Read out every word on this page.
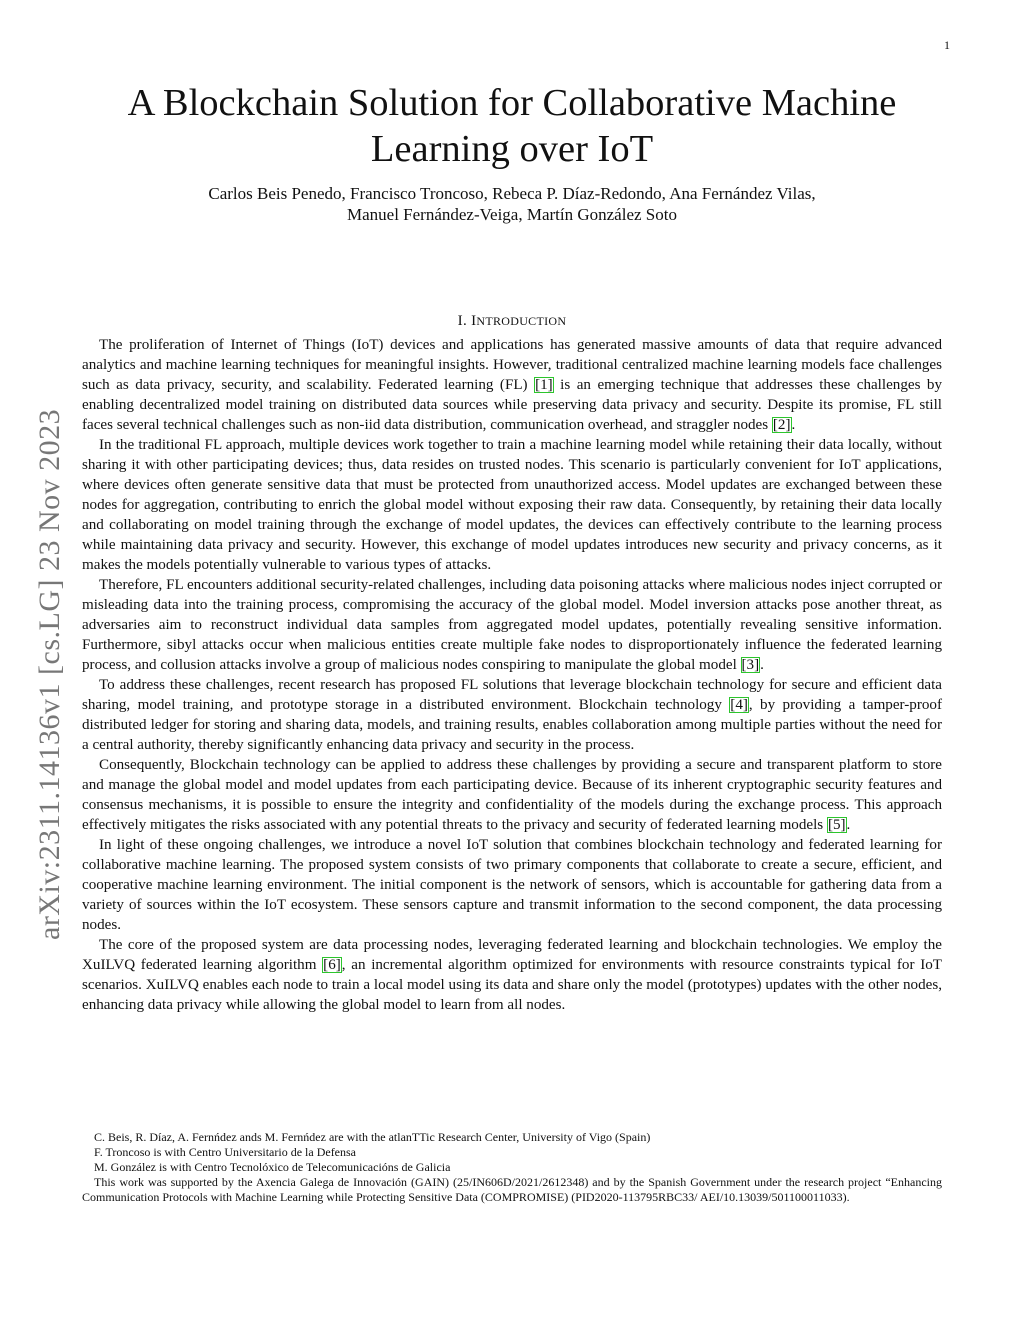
1
arXiv:2311.14136v1 [cs.LG] 23 Nov 2023
A Blockchain Solution for Collaborative Machine Learning over IoT
Carlos Beis Penedo, Francisco Troncoso, Rebeca P. Díaz-Redondo, Ana Fernández Vilas,
Manuel Fernández-Veiga, Martín González Soto
I. INTRODUCTION

The proliferation of Internet of Things (IoT) devices and applications has generated massive amounts of data that require advanced analytics and machine learning techniques for meaningful insights. However, traditional centralized machine learning models face challenges such as data privacy, security, and scalability. Federated learning (FL) [1] is an emerging technique that addresses these challenges by enabling decentralized model training on distributed data sources while preserving data privacy and security. Despite its promise, FL still faces several technical challenges such as non-iid data distribution, communication overhead, and straggler nodes [2].

In the traditional FL approach, multiple devices work together to train a machine learning model while retaining their data locally, without sharing it with other participating devices; thus, data resides on trusted nodes. This scenario is particularly convenient for IoT applications, where devices often generate sensitive data that must be protected from unauthorized access. Model updates are exchanged between these nodes for aggregation, contributing to enrich the global model without exposing their raw data. Consequently, by retaining their data locally and collaborating on model training through the exchange of model updates, the devices can effectively contribute to the learning process while maintaining data privacy and security. However, this exchange of model updates introduces new security and privacy concerns, as it makes the models potentially vulnerable to various types of attacks.

Therefore, FL encounters additional security-related challenges, including data poisoning attacks where malicious nodes inject corrupted or misleading data into the training process, compromising the accuracy of the global model. Model inversion attacks pose another threat, as adversaries aim to reconstruct individual data samples from aggregated model updates, potentially revealing sensitive information. Furthermore, sibyl attacks occur when malicious entities create multiple fake nodes to disproportionately influence the federated learning process, and collusion attacks involve a group of malicious nodes conspiring to manipulate the global model [3].

To address these challenges, recent research has proposed FL solutions that leverage blockchain technology for secure and efficient data sharing, model training, and prototype storage in a distributed environment. Blockchain technology [4], by providing a tamper-proof distributed ledger for storing and sharing data, models, and training results, enables collaboration among multiple parties without the need for a central authority, thereby significantly enhancing data privacy and security in the process.

Consequently, Blockchain technology can be applied to address these challenges by providing a secure and transparent platform to store and manage the global model and model updates from each participating device. Because of its inherent cryptographic security features and consensus mechanisms, it is possible to ensure the integrity and confidentiality of the models during the exchange process. This approach effectively mitigates the risks associated with any potential threats to the privacy and security of federated learning models [5].

In light of these ongoing challenges, we introduce a novel IoT solution that combines blockchain technology and federated learning for collaborative machine learning. The proposed system consists of two primary components that collaborate to create a secure, efficient, and cooperative machine learning environment. The initial component is the network of sensors, which is accountable for gathering data from a variety of sources within the IoT ecosystem. These sensors capture and transmit information to the second component, the data processing nodes.

The core of the proposed system are data processing nodes, leveraging federated learning and blockchain technologies. We employ the XuILVQ federated learning algorithm [6], an incremental algorithm optimized for environments with resource constraints typical for IoT scenarios. XuILVQ enables each node to train a local model using its data and share only the model (prototypes) updates with the other nodes, enhancing data privacy while allowing the global model to learn from all nodes.

C. Beis, R. Díaz, A. Fernńdez ands M. Fernńdez are with the atlanTTic Research Center, University of Vigo (Spain)

F. Troncoso is with Centro Universitario de la Defensa

M. González is with Centro Tecnolóxico de Telecomunicacións de Galicia

This work was supported by the Axencia Galega de Innovación (GAIN) (25/IN606D/2021/2612348) and by the Spanish Government under the research project “Enhancing Communication Protocols with Machine Learning while Protecting Sensitive Data (COMPROMISE) (PID2020-113795RBC33/ AEI/10.13039/501100011033).
